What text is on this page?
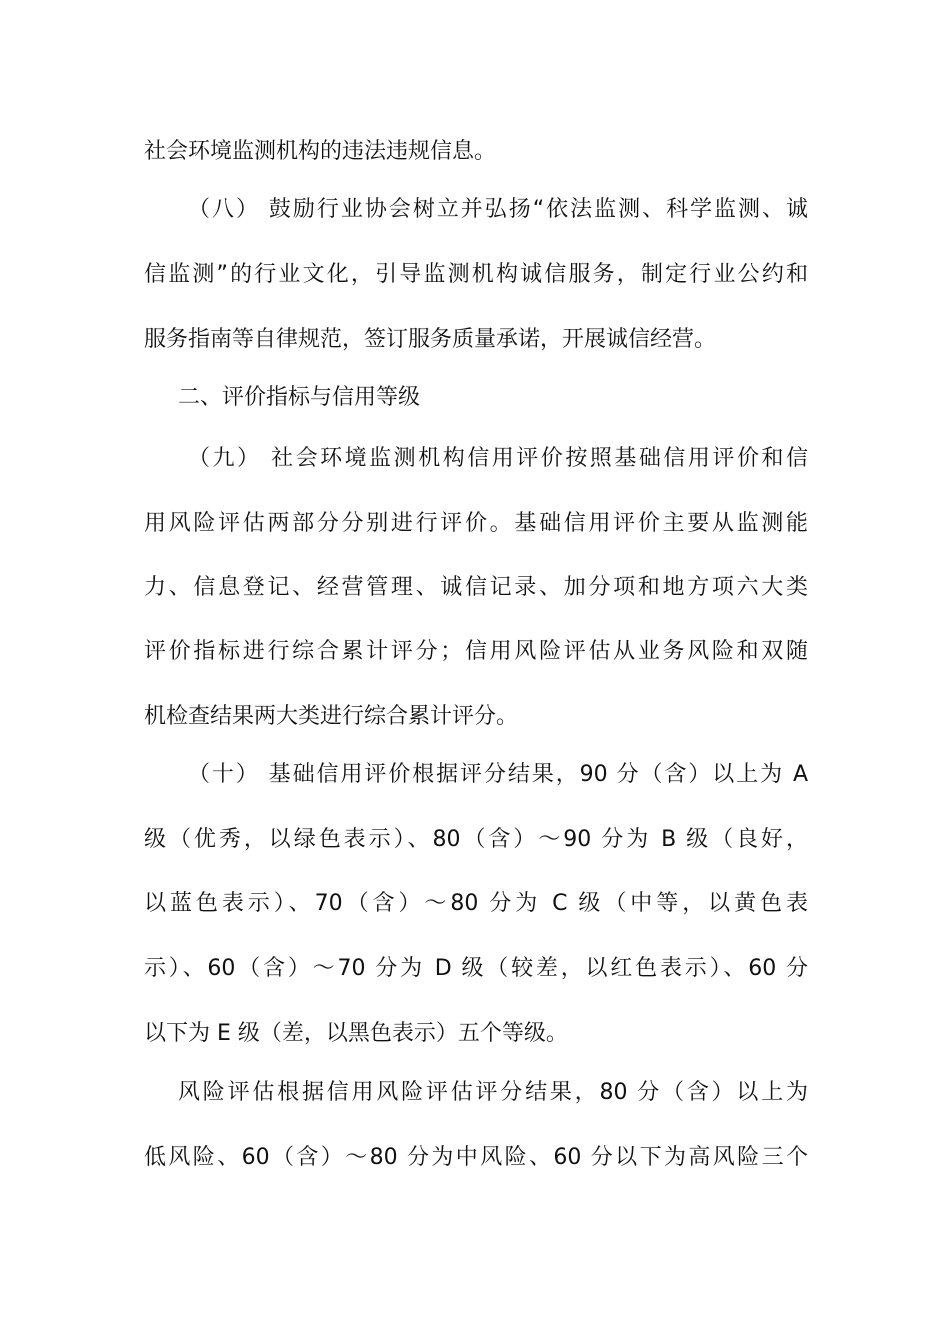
社会环境监测机构的违法违规信息。

（八） 鼓励行业协会树立并弘扬“依法监测、科学监测、诚

信监测”的行业文化，引导监测机构诚信服务，制定行业公约和

服务指南等自律规范，签订服务质量承诺，开展诚信经营。

二、评价指标与信用等级

（九） 社会环境监测机构信用评价按照基础信用评价和信

用风险评估两部分分别进行评价。基础信用评价主要从监测能

力、信息登记、经营管理、诚信记录、加分项和地方项六大类

评价指标进行综合累计评分；信用风险评估从业务风险和双随

机检查结果两大类进行综合累计评分。

（十） 基础信用评价根据评分结果，90 分（含）以上为 A

级（优秀，以绿色表示）、80（含）～90 分为 B 级（良好，

以蓝色表示）、70（含）～80 分为 C 级（中等，以黄色表

示）、60（含）～70 分为 D 级（较差，以红色表示）、60 分

以下为 E 级（差，以黑色表示）五个等级。

风险评估根据信用风险评估评分结果，80 分（含）以上为

低风险、60（含）～80 分为中风险、60 分以下为高风险三个
